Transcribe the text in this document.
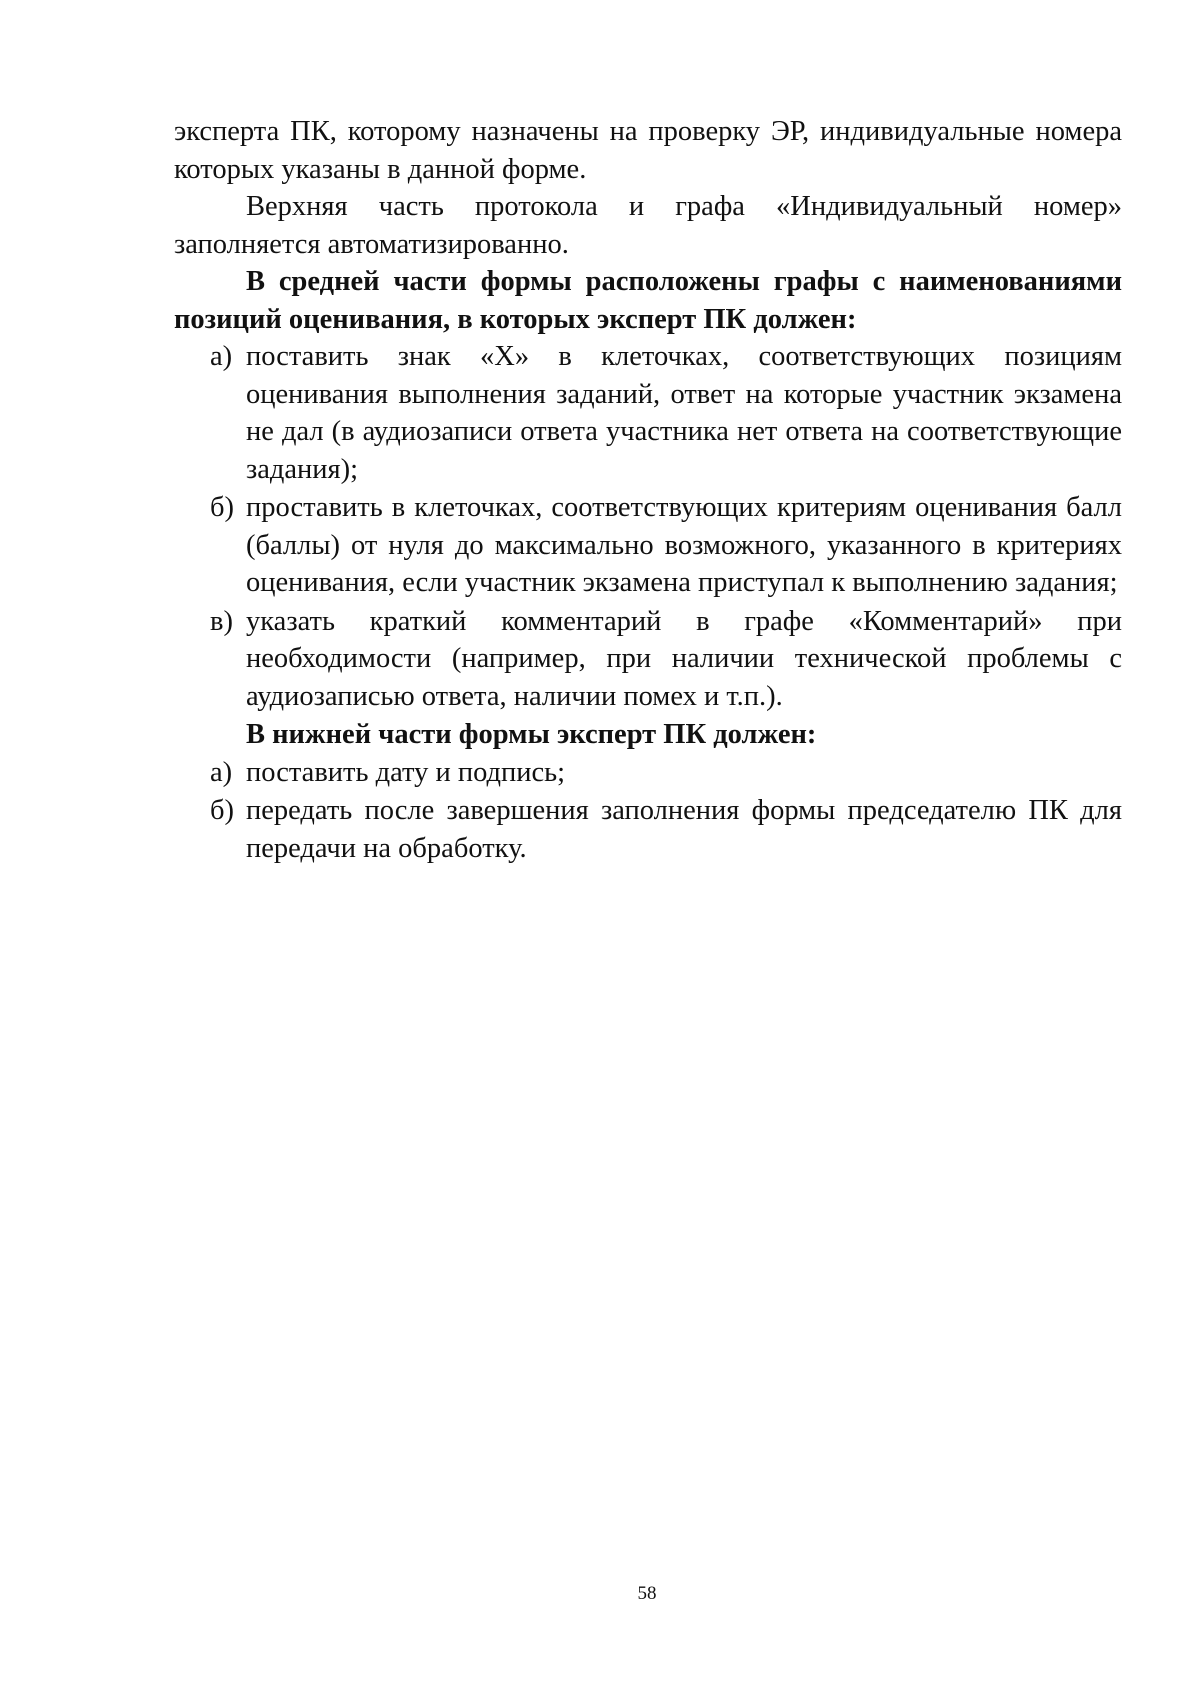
эксперта ПК, которому назначены на проверку ЭР, индивидуальные номера которых указаны в данной форме.

Верхняя часть протокола и графа «Индивидуальный номер» заполняется автоматизированно.

В средней части формы расположены графы с наименованиями позиций оценивания, в которых эксперт ПК должен:

а) поставить знак «Х» в клеточках, соответствующих позициям оценивания выполнения заданий, ответ на которые участник экзамена не дал (в аудиозаписи ответа участника нет ответа на соответствующие задания);
б) проставить в клеточках, соответствующих критериям оценивания балл (баллы) от нуля до максимально возможного, указанного в критериях оценивания, если участник экзамена приступал к выполнению задания;
в) указать краткий комментарий в графе «Комментарий» при необходимости (например, при наличии технической проблемы с аудиозаписью ответа, наличии помех и т.п.).

В нижней части формы эксперт ПК должен:

а) поставить дату и подпись;
б) передать после завершения заполнения формы председателю ПК для передачи на обработку.
58
